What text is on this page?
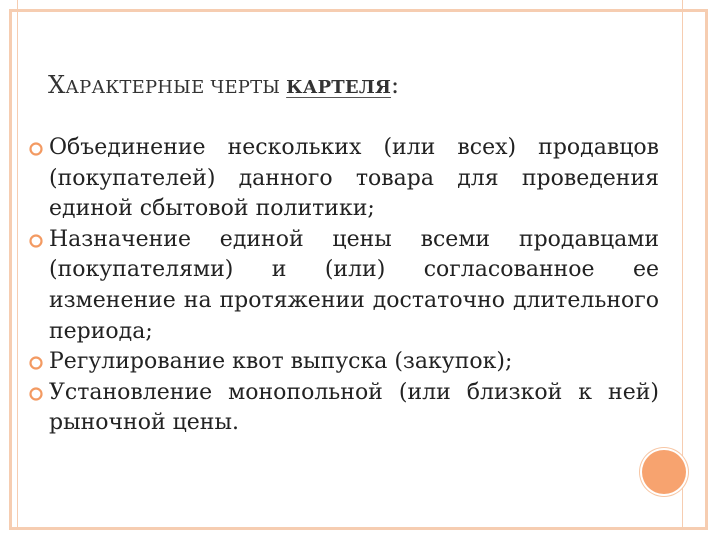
ХАРАКТЕРНЫЕ ЧЕРТЫ КАРТЕЛЯ:
Объединение нескольких (или всех) продавцов (покупателей) данного товара для проведения единой сбытовой политики;
Назначение единой цены всеми продавцами (покупателями) и (или) согласованное ее изменение на протяжении достаточно длительного периода;
Регулирование квот выпуска (закупок);
Установление монопольной (или близкой к ней) рыночной цены.
